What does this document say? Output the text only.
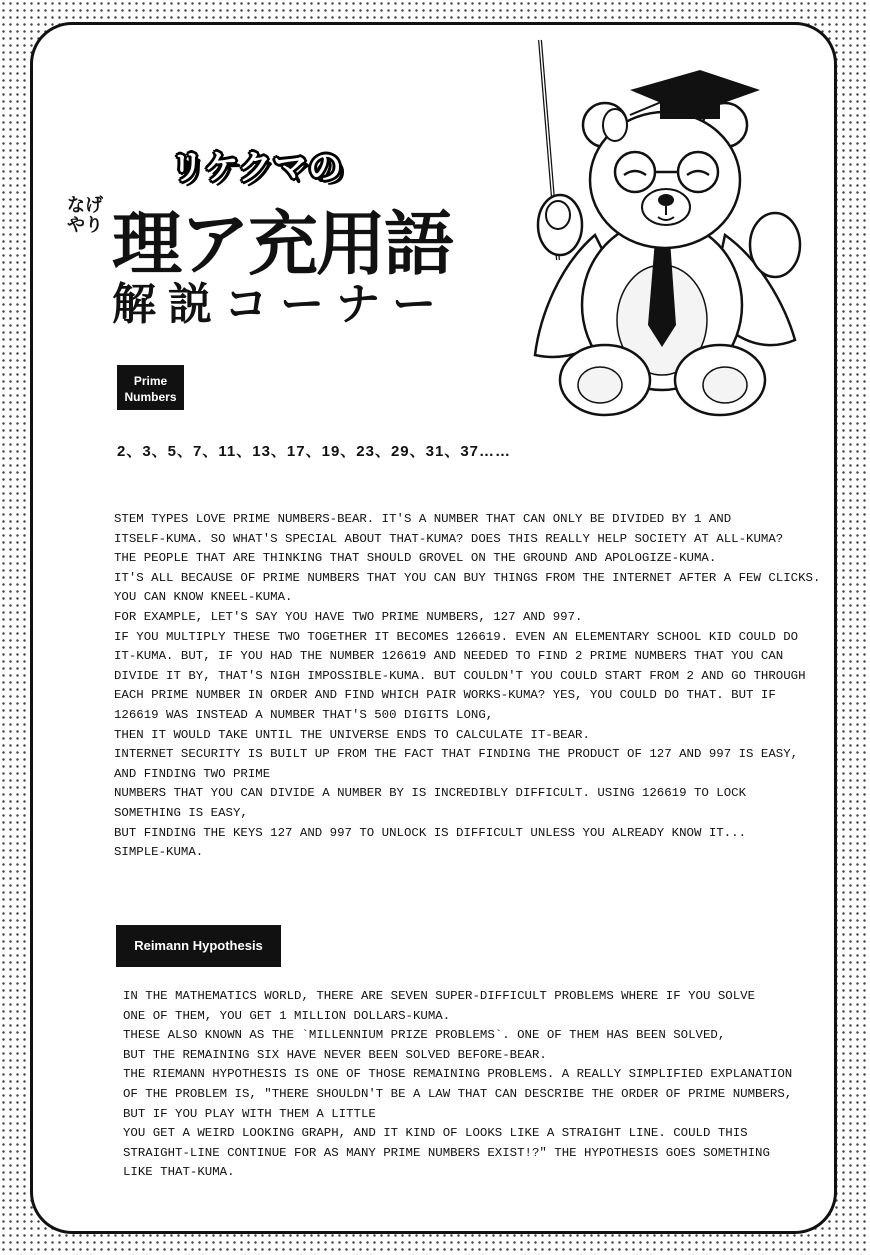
リケクマの
なげやり 理ア充用語
解説コーナー
Prime
Numbers
2、3、5、7、11、13、17、19、23、29、31、37……
STEM TYPES LOVE PRIME NUMBERS-BEAR. IT'S A NUMBER THAT CAN ONLY BE DIVIDED BY 1 AND
ITSELF-KUMA. SO WHAT'S SPECIAL ABOUT THAT-KUMA? DOES THIS REALLY HELP SOCIETY AT ALL-KUMA?
THE PEOPLE THAT ARE THINKING THAT SHOULD GROVEL ON THE GROUND AND APOLOGIZE-KUMA.
IT'S ALL BECAUSE OF PRIME NUMBERS THAT YOU CAN BUY THINGS FROM THE INTERNET AFTER A FEW CLICKS.
YOU CAN KNOW KNEEL-KUMA.
FOR EXAMPLE, LET'S SAY YOU HAVE TWO PRIME NUMBERS, 127 AND 997.
IF YOU MULTIPLY THESE TWO TOGETHER IT BECOMES 126619. EVEN AN ELEMENTARY SCHOOL KID COULD DO
IT-KUMA. BUT, IF YOU HAD THE NUMBER 126619 AND NEEDED TO FIND 2 PRIME NUMBERS THAT YOU CAN
DIVIDE IT BY, THAT'S NIGH IMPOSSIBLE-KUMA. BUT COULDN'T YOU COULD START FROM 2 AND GO THROUGH
EACH PRIME NUMBER IN ORDER AND FIND WHICH PAIR WORKS-KUMA? YES, YOU COULD DO THAT. BUT IF
126619 WAS INSTEAD A NUMBER THAT'S 500 DIGITS LONG,
THEN IT WOULD TAKE UNTIL THE UNIVERSE ENDS TO CALCULATE IT-BEAR.
INTERNET SECURITY IS BUILT UP FROM THE FACT THAT FINDING THE PRODUCT OF 127 AND 997 IS EASY,
AND FINDING TWO PRIME
NUMBERS THAT YOU CAN DIVIDE A NUMBER BY IS INCREDIBLY DIFFICULT. USING 126619 TO LOCK
SOMETHING IS EASY,
BUT FINDING THE KEYS 127 AND 997 TO UNLOCK IS DIFFICULT UNLESS YOU ALREADY KNOW IT...
SIMPLE-KUMA.
Reimann Hypothesis
IN THE MATHEMATICS WORLD, THERE ARE SEVEN SUPER-DIFFICULT PROBLEMS WHERE IF YOU SOLVE
ONE OF THEM, YOU GET 1 MILLION DOLLARS-KUMA.
THESE ALSO KNOWN AS THE `MILLENNIUM PRIZE PROBLEMS`. ONE OF THEM HAS BEEN SOLVED,
BUT THE REMAINING SIX HAVE NEVER BEEN SOLVED BEFORE-BEAR.
THE RIEMANN HYPOTHESIS IS ONE OF THOSE REMAINING PROBLEMS. A REALLY SIMPLIFIED EXPLANATION
OF THE PROBLEM IS, "THERE SHOULDN'T BE A LAW THAT CAN DESCRIBE THE ORDER OF PRIME NUMBERS,
BUT IF YOU PLAY WITH THEM A LITTLE
YOU GET A WEIRD LOOKING GRAPH, AND IT KIND OF LOOKS LIKE A STRAIGHT LINE. COULD THIS
STRAIGHT-LINE CONTINUE FOR AS MANY PRIME NUMBERS EXIST!?" THE HYPOTHESIS GOES SOMETHING
LIKE THAT-KUMA.
